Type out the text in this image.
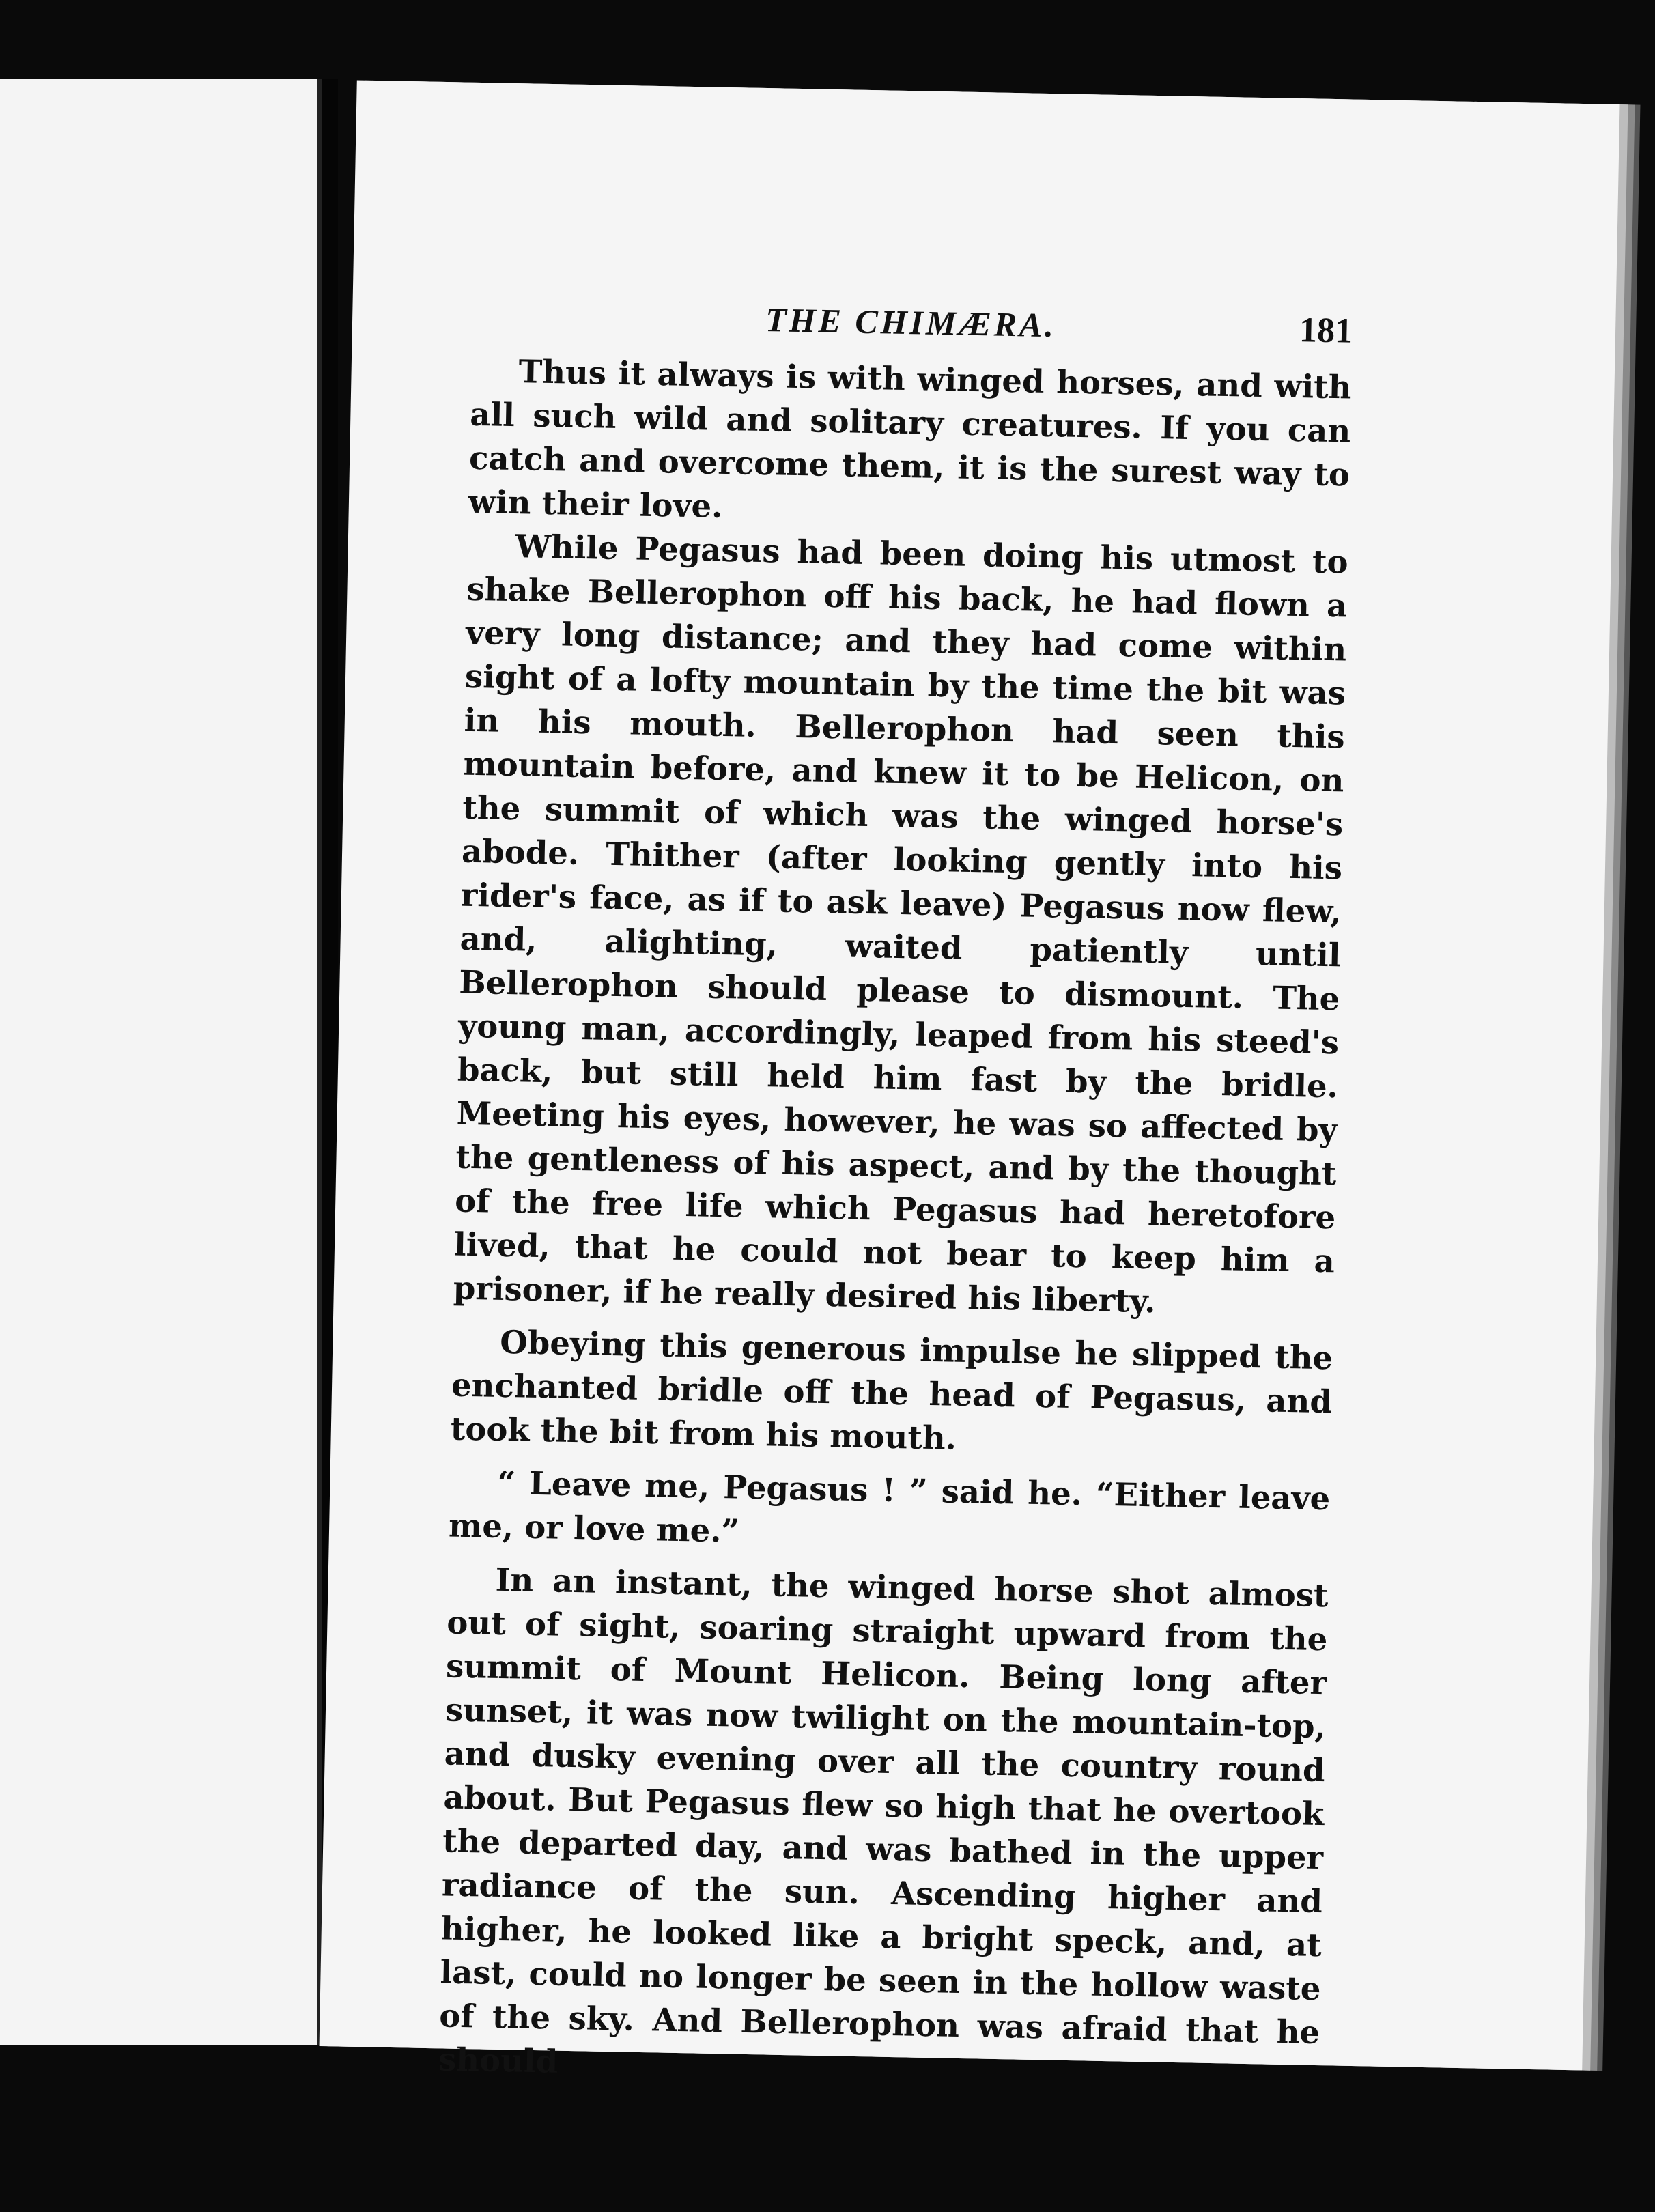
THE CHIMÆRA.	181

Thus it always is with winged horses, and with all such wild and solitary creatures. If you can catch and overcome them, it is the surest way to win their love.

While Pegasus had been doing his utmost to shake Bellerophon off his back, he had flown a very long distance; and they had come within sight of a lofty mountain by the time the bit was in his mouth. Bellerophon had seen this mountain before, and knew it to be Helicon, on the summit of which was the winged horse's abode. Thither (after looking gently into his rider's face, as if to ask leave) Pegasus now flew, and, alighting, waited patiently until Bellerophon should please to dismount. The young man, accordingly, leaped from his steed's back, but still held him fast by the bridle. Meeting his eyes, however, he was so affected by the gentleness of his aspect, and by the thought of the free life which Pegasus had heretofore lived, that he could not bear to keep him a prisoner, if he really desired his liberty.

Obeying this generous impulse he slipped the enchanted bridle off the head of Pegasus, and took the bit from his mouth.

“ Leave me, Pegasus ! ” said he. “Either leave me, or love me.”

In an instant, the winged horse shot almost out of sight, soaring straight upward from the summit of Mount Helicon. Being long after sunset, it was now twilight on the mountain-top, and dusky evening over all the country round about. But Pegasus flew so high that he overtook the departed day, and was bathed in the upper radiance of the sun. Ascending higher and higher, he looked like a bright speck, and, at last, could no longer be seen in the hollow waste of the sky. And Bellerophon was afraid that he should
